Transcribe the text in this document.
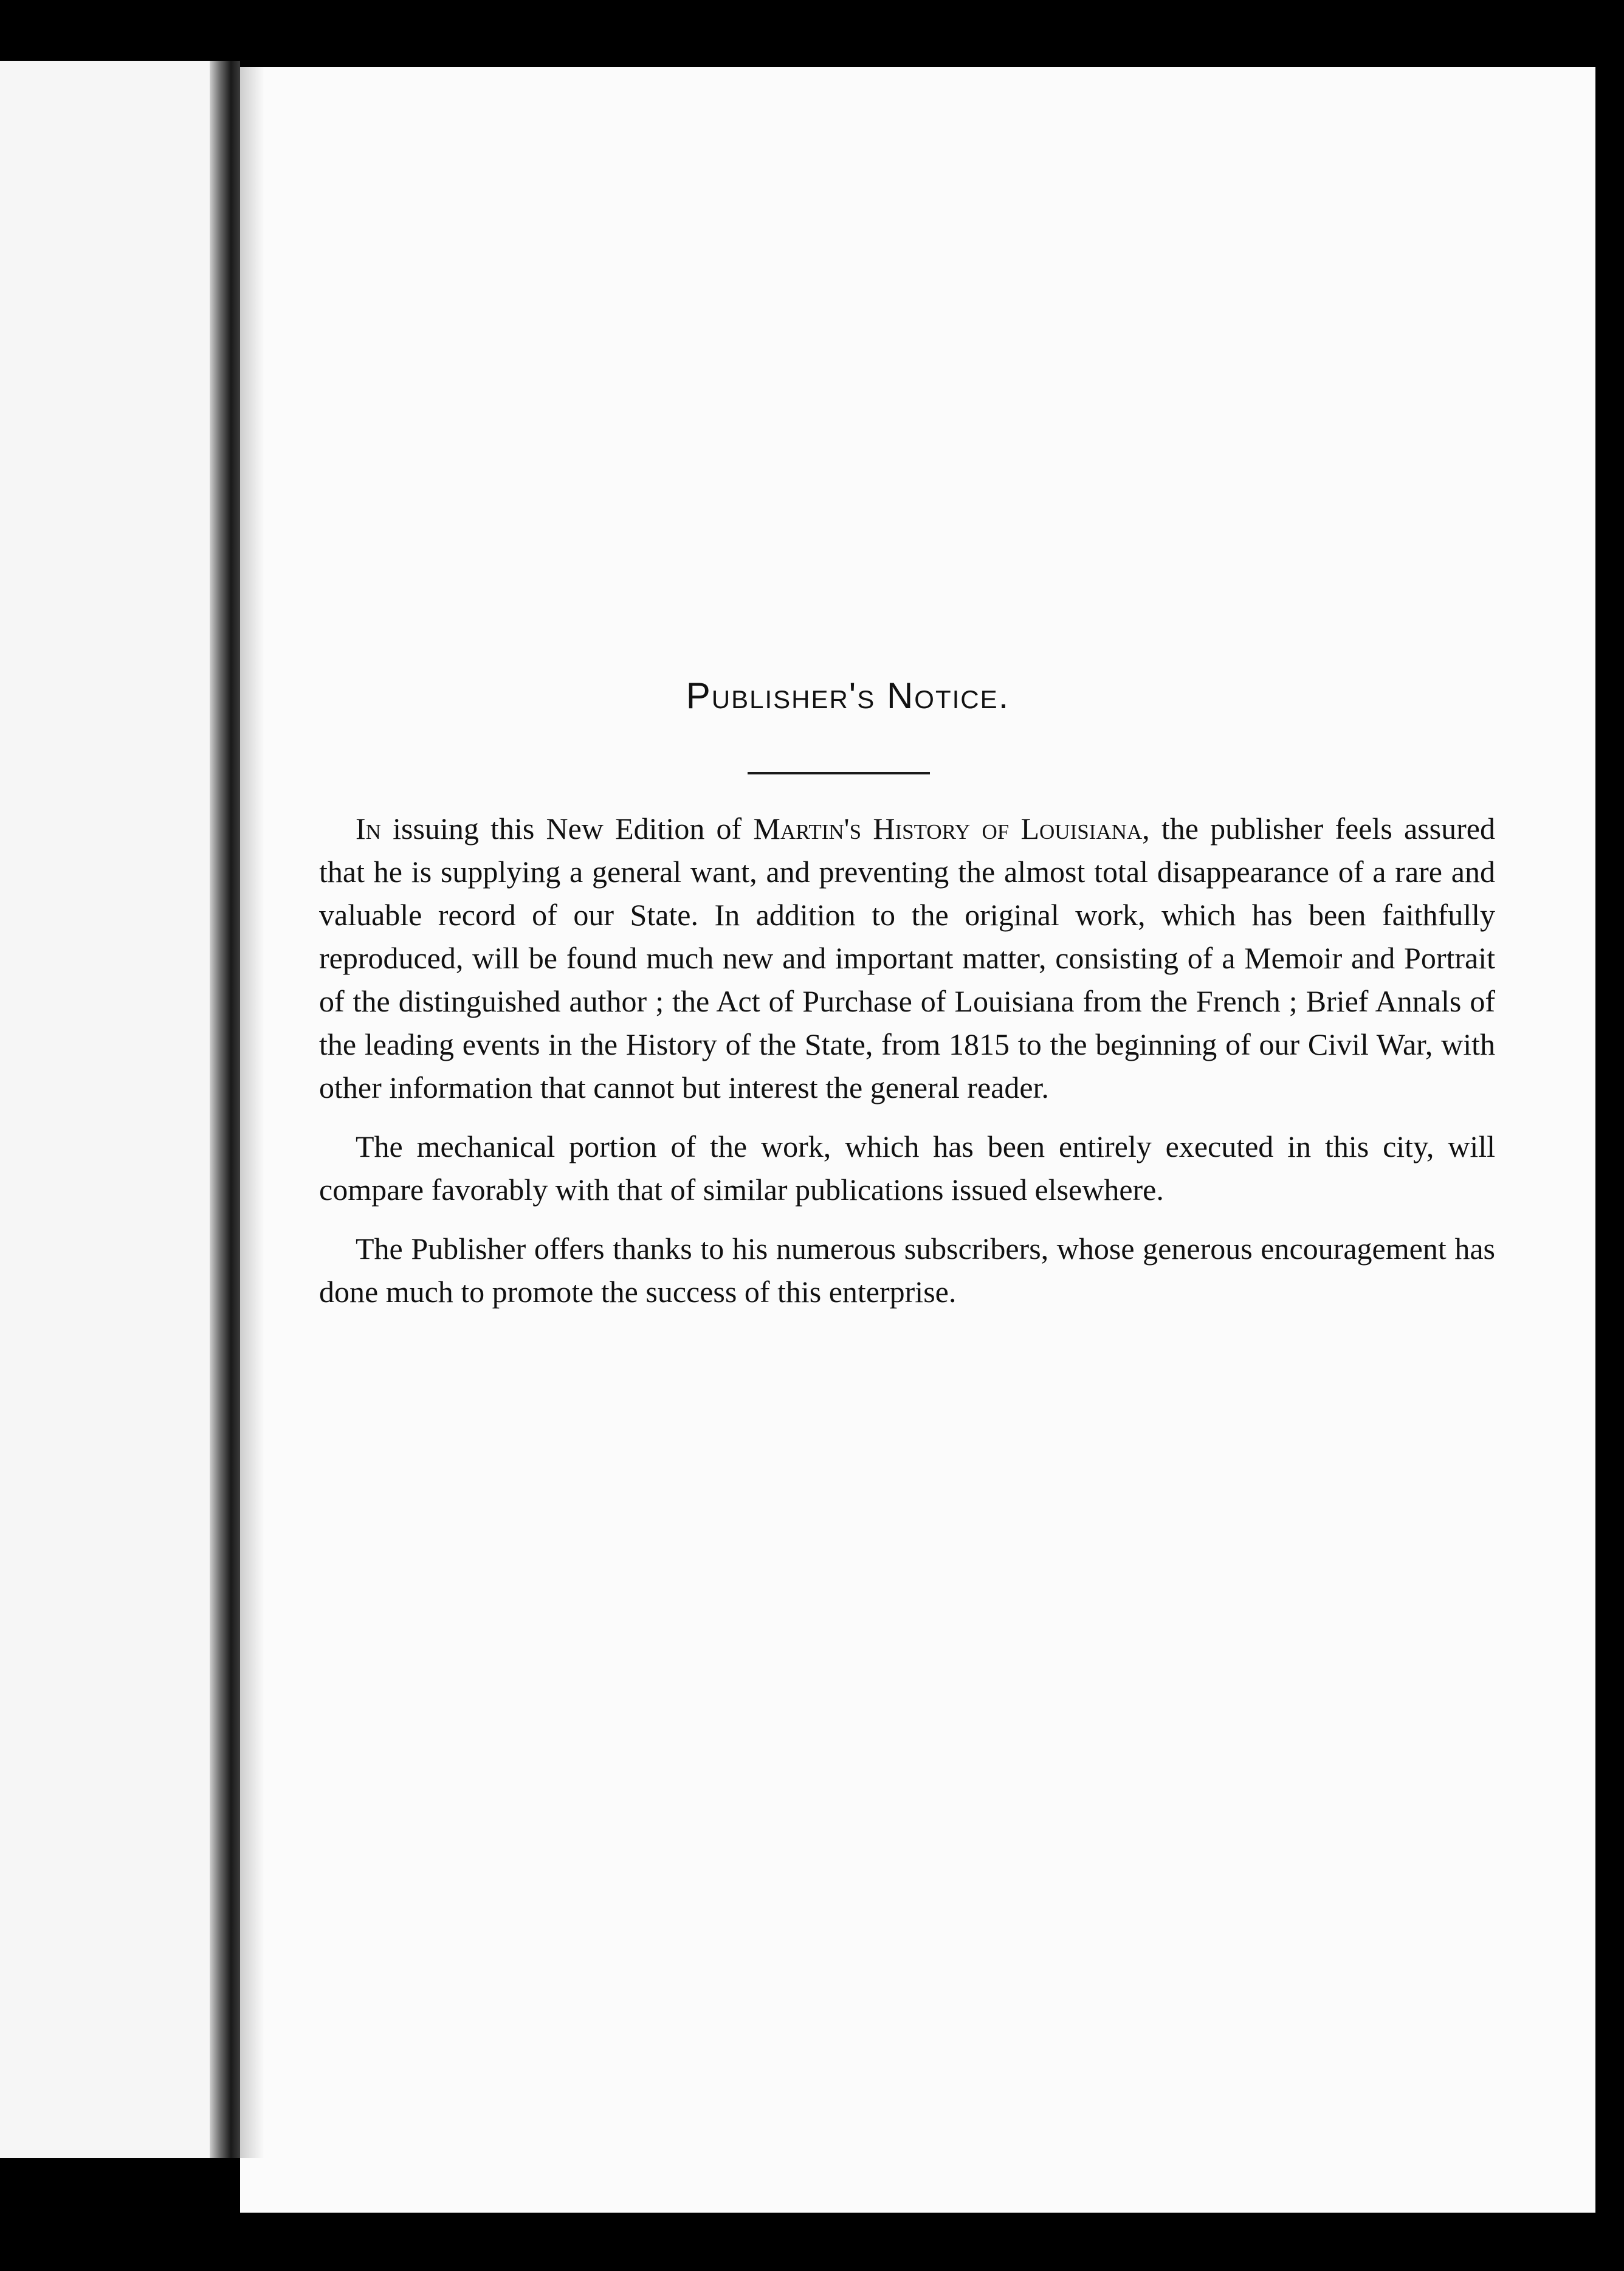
Publisher's Notice.

In issuing this New Edition of Martin's History of Louisiana, the publisher feels assured that he is supplying a general want, and preventing the almost total disappearance of a rare and valuable record of our State. In addition to the original work, which has been faithfully reproduced, will be found much new and important matter, consisting of a Memoir and Portrait of the distinguished author ; the Act of Purchase of Louisiana from the French ; Brief Annals of the leading events in the History of the State, from 1815 to the beginning of our Civil War, with other information that cannot but interest the general reader.

The mechanical portion of the work, which has been entirely executed in this city, will compare favorably with that of similar publications issued elsewhere.

The Publisher offers thanks to his numerous subscribers, whose generous encouragement has done much to promote the success of this enterprise.
